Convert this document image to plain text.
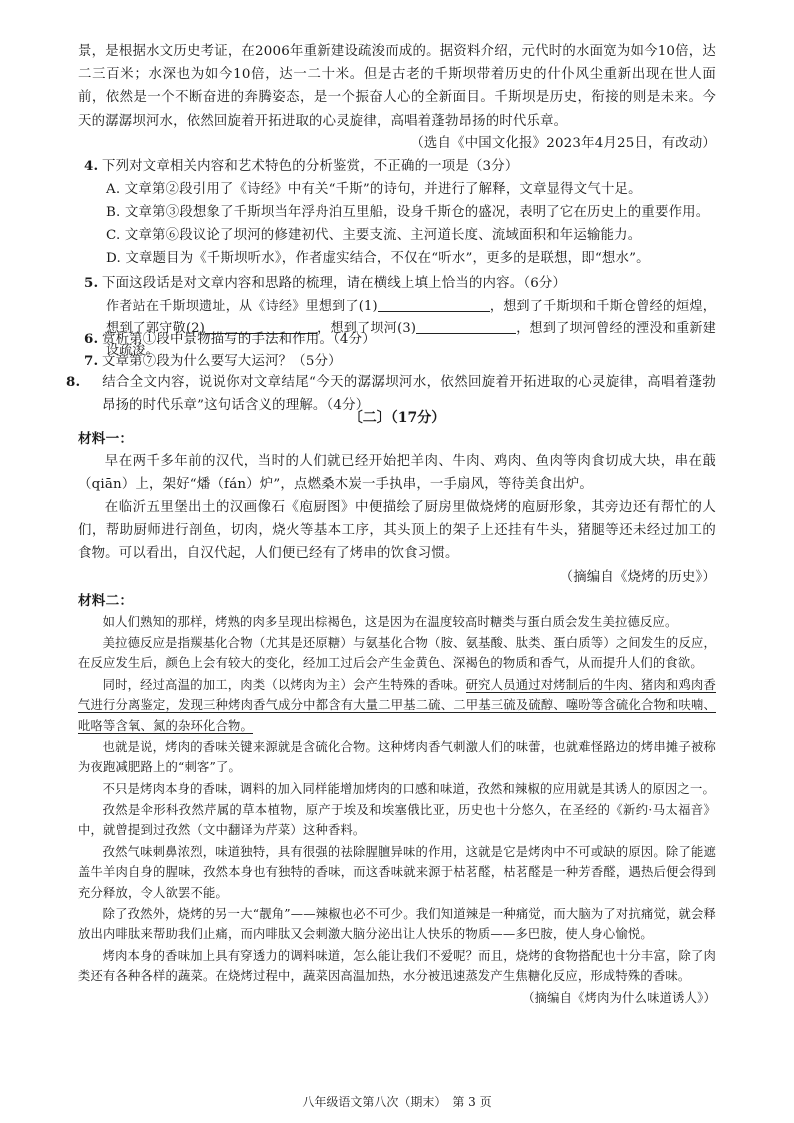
景，是根据水文历史考证，在2006年重新建设疏浚而成的。据资料介绍，元代时的水面宽为如今10倍，达二三百米；水深也为如今10倍，达一二十米。但是古老的千斯坝带着历史的什仆风尘重新出现在世人面前，依然是一个不断奋进的奔腾姿态，是一个振奋人心的全新面目。千斯坝是历史，衔接的则是未来。今天的潺潺坝河水，依然回旋着开拓进取的心灵旋律，高唱着蓬勃昂扬的时代乐章。

（选自《中国文化报》2023年4月25日，有改动）

4. 下列对文章相关内容和艺术特色的分析鉴赏，不正确的一项是（3分）

A. 文章第②段引用了《诗经》中有关“千斯”的诗句，并进行了解释，文章显得文气十足。

B. 文章第③段想象了千斯坝当年浮舟泊互里船，设身千斯仓的盛况，表明了它在历史上的重要作用。

C. 文章第⑥段议论了坝河的修建初代、主要支流、主河道长度、流域面积和年运输能力。

D. 文章题目为《千斯坝听水》，作者虚实结合，不仅在“听水”，更多的是联想，即“想水”。

5. 下面这段话是对文章内容和思路的梳理，请在横线上填上恰当的内容。（6分）

作者站在千斯坝遗址，从《诗经》里想到了(1)	，想到了千斯坝和千斯仓曾经的烜煌，想到了郭守敬(2)	，想到了坝河(3)	，想到了坝河曾经的湮没和重新建设疏浚。

6. 赏析第①段中景物描写的手法和作用。（4分）

7. 文章第⑦段为什么要写大运河？（5分）

8. 结合全文内容，说说你对文章结尾“今天的潺潺坝河水，依然回旋着开拓进取的心灵旋律，高唱着蓬勃昂扬的时代乐章”这句话含义的理解。（4分）

〔二〕（17分）

材料一：

早在两千多年前的汉代，当时的人们就已经开始把羊肉、牛肉、鸡肉、鱼肉等肉食切成大块，串在蕺（qiān）上，架好“燔（fán）炉”，点燃桑木炭一手执串，一手扇风，等待美食出炉。

在临沂五里堡出土的汉画像石《庖厨图》中便描绘了厨房里做烧烤的庖厨形象，其旁边还有帮忙的人们，帮助厨师进行剖鱼，切肉，烧火等基本工序，其头顶上的架子上还挂有牛头，猪腿等还未经过加工的食物。可以看出，自汉代起，人们便已经有了烤串的饮食习惯。

（摘编自《烧烤的历史》）

材料二：

如人们熟知的那样，烤熟的肉多呈现出棕褐色，这是因为在温度较高时糖类与蛋白质会发生美拉德反应。

美拉德反应是指羰基化合物（尤其是还原糖）与氨基化合物（胺、氨基酸、肽类、蛋白质等）之间发生的反应，在反应发生后，颜色上会有较大的变化，经加工过后会产生金黄色、深褐色的物质和香气，从而提升人们的食欲。

同时，经过高温的加工，肉类（以烤肉为主）会产生特殊的香味。研究人员通过对烤制后的牛肉、猪肉和鸡肉香气进行分离鉴定，发现三种烤肉香气成分中都含有大量二甲基二硫、二甲基三硫及硫醇、噻吩等含硫化合物和呋喃、吡咯等含氧、氮的杂环化合物。

也就是说，烤肉的香味关键来源就是含硫化合物。这种烤肉香气刺激人们的味蕾，也就难怪路边的烤串摊子被称为夜跑减肥路上的“刺客”了。

不只是烤肉本身的香味，调料的加入同样能增加烤肉的口感和味道，孜然和辣椒的应用就是其诱人的原因之一。

孜然是伞形科孜然芹属的草本植物，原产于埃及和埃塞俄比亚，历史也十分悠久，在圣经的《新约·马太福音》中，就曾提到过孜然（文中翻译为芹菜）这种香料。

孜然气味刺鼻浓烈，味道独特，具有很强的祛除腥膻异味的作用，这就是它是烤肉中不可或缺的原因。除了能遮盖牛羊肉自身的腥味，孜然本身也有独特的香味，而这香味就来源于枯茗醛，枯茗醛是一种芳香醛，遇热后便会得到充分释放，令人欲罢不能。

除了孜然外，烧烤的另一大“靓角”——辣椒也必不可少。我们知道辣是一种痛觉，而大脑为了对抗痛觉，就会释放出内啡肽来帮助我们止痛，而内啡肽又会刺激大脑分泌出让人快乐的物质——多巴胺，使人身心愉悦。

八年级语文第八次（期末）　第 3 页

烤肉本身的香味加上具有穿透力的调料味道，怎么能让我们不爱呢？而且，烧烤的食物搭配也十分丰富，除了肉类还有各种各样的蔬菜。在烧烤过程中，蔬菜因高温加热，水分被迅速蒸发产生焦糖化反应，形成特殊的香味。

（摘编自《烤肉为什么味道诱人》）
